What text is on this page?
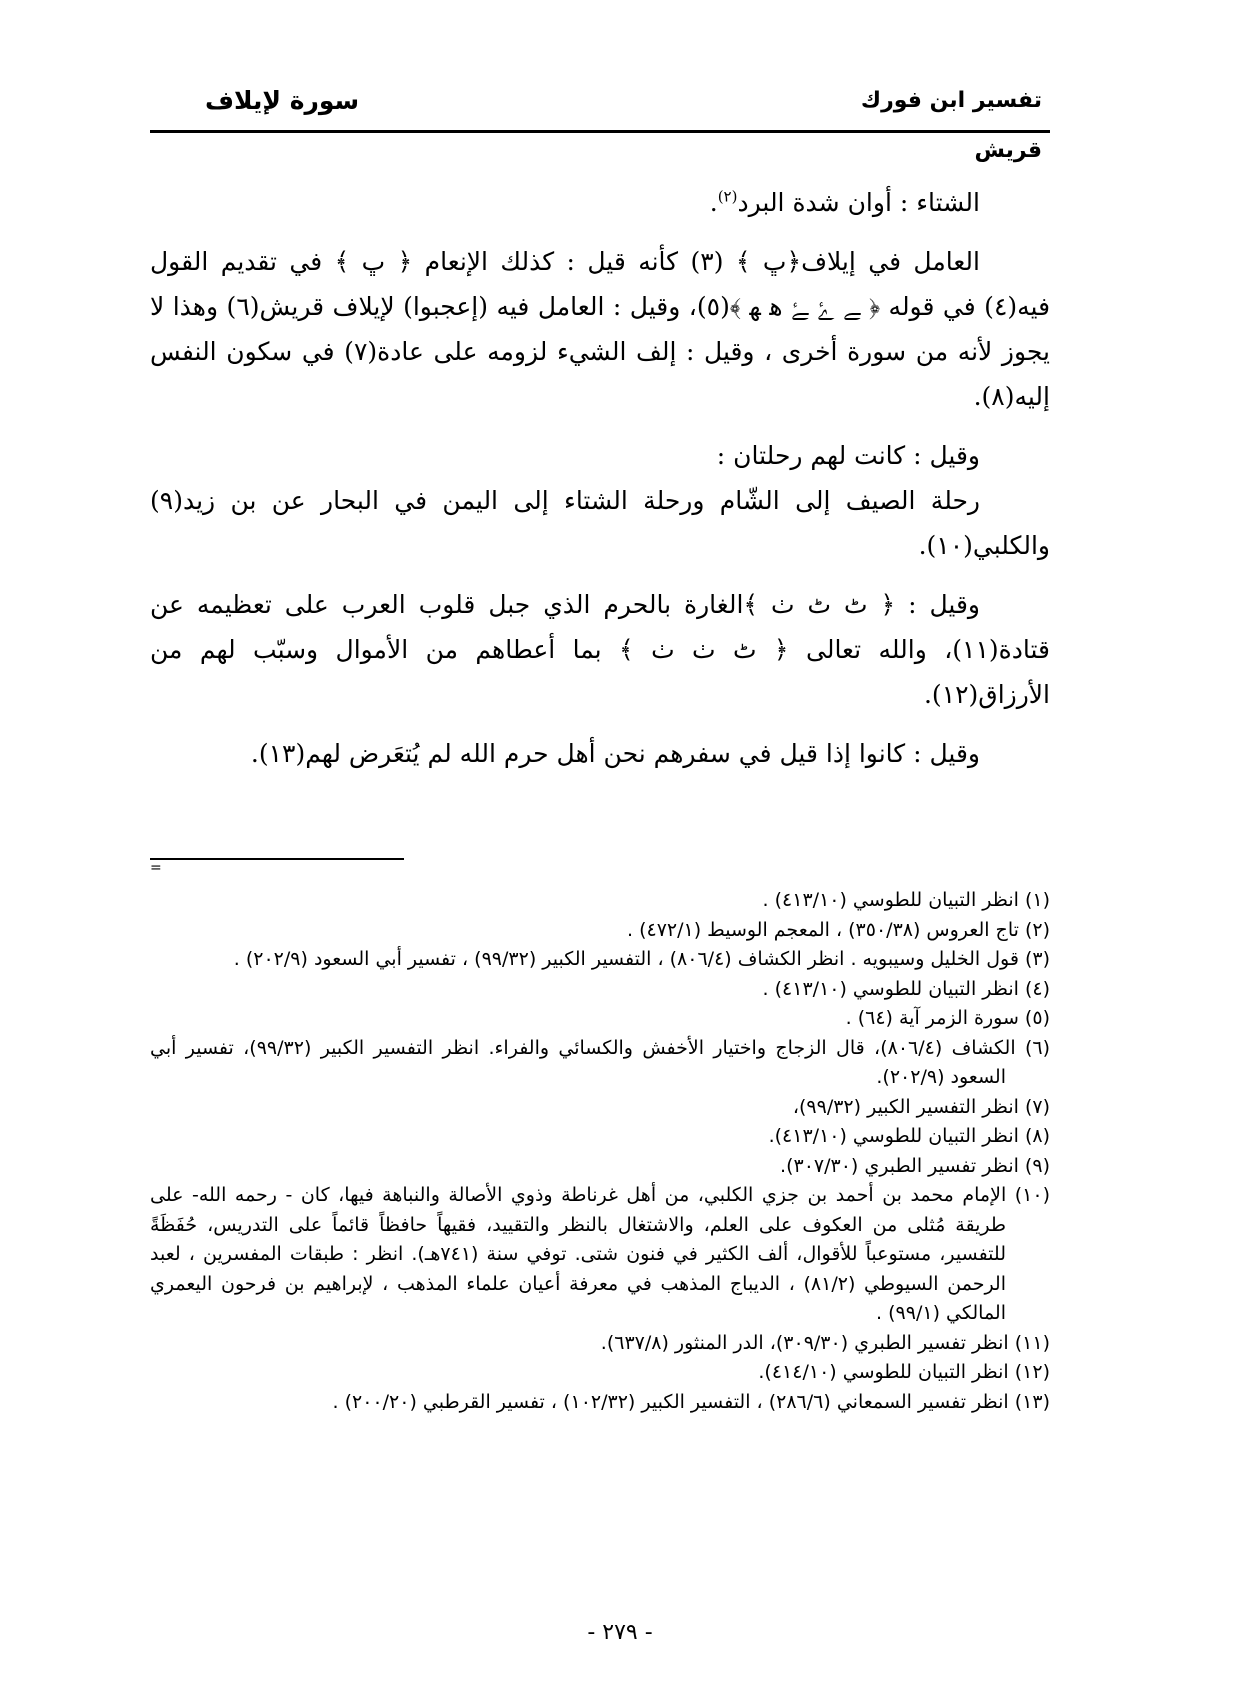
تفسير ابن فورك
سورة لإيلاف
قريش

الشتاء : أوان شدة البرد$^{(٢)}$.

العامل في إيلاف﴿ڀ ﴾ (٣) كأنه قيل : كذلك الإنعام ﴿ ڀ ﴾ في تقديم القول فيه(٤) في قوله ﴿ ﮯ ﮰ ﮱ ﮬ ﮭ ﴾(٥)، وقيل : العامل فيه (إعجبوا) لإيلاف قريش(٦) وهذا لا يجوز لأنه من سورة أخرى ، وقيل : إلف الشيء لزومه على عادة(٧) في سكون النفس إليه(٨).

وقيل : كانت لهم رحلتان :

رحلة الصيف إلى الشّام ورحلة الشتاء إلى اليمن في البحار عن بن زيد(٩) والكلبي(١٠).

وقيل : ﴿ ٹ ٹ ٺ ﴾الغارة بالحرم الذي جبل قلوب العرب على تعظيمه عن قتادة(١١)، والله تعالى ﴿ ٹ ٺ ٺ ﴾ بما أعطاهم من الأموال وسبّب لهم من الأرزاق(١٢).

وقيل : كانوا إذا قيل في سفرهم نحن أهل حرم الله لم يُتعَرض لهم(١٣).

=

(١) انظر التبيان للطوسي (٤١٣/١٠) .

(٢) تاج العروس (٣٥٠/٣٨) ، المعجم الوسيط (٤٧٢/١) .

(٣) قول الخليل وسيبويه . انظر الكشاف (٨٠٦/٤) ، التفسير الكبير (٩٩/٣٢) ، تفسير أبي السعود (٢٠٢/٩) .

(٤) انظر التبيان للطوسي (٤١٣/١٠) .

(٥) سورة الزمر آية (٦٤) .

(٦) الكشاف (٨٠٦/٤)، قال الزجاج واختيار الأخفش والكسائي والفراء. انظر التفسير الكبير (٩٩/٣٢)، تفسير أبي السعود (٢٠٢/٩).

(٧) انظر التفسير الكبير (٩٩/٣٢)،

(٨) انظر التبيان للطوسي (٤١٣/١٠).

(٩) انظر تفسير الطبري (٣٠٧/٣٠).

(١٠) الإمام محمد بن أحمد بن جزي الكلبي، من أهل غرناطة وذوي الأصالة والنباهة فيها، كان - رحمه الله- على طريقة مُثلى من العكوف على العلم، والاشتغال بالنظر والتقييد، فقيهاً حافظاً قائماً على التدريس، حُفَظَةً للتفسير، مستوعباً للأقوال، ألف الكثير في فنون شتى. توفي سنة (٧٤١هـ). انظر : طبقات المفسرين ، لعبد الرحمن السيوطي (٨١/٢) ، الديباج المذهب في معرفة أعيان علماء المذهب ، لإبراهيم بن فرحون اليعمري المالكي (٩٩/١) .

(١١) انظر تفسير الطبري (٣٠٩/٣٠)، الدر المنثور (٦٣٧/٨).

(١٢) انظر التبيان للطوسي (٤١٤/١٠).

(١٣) انظر تفسير السمعاني (٢٨٦/٦) ، التفسير الكبير (١٠٢/٣٢) ، تفسير القرطبي (٢٠٠/٢٠) .

- ٢٧٩ -
